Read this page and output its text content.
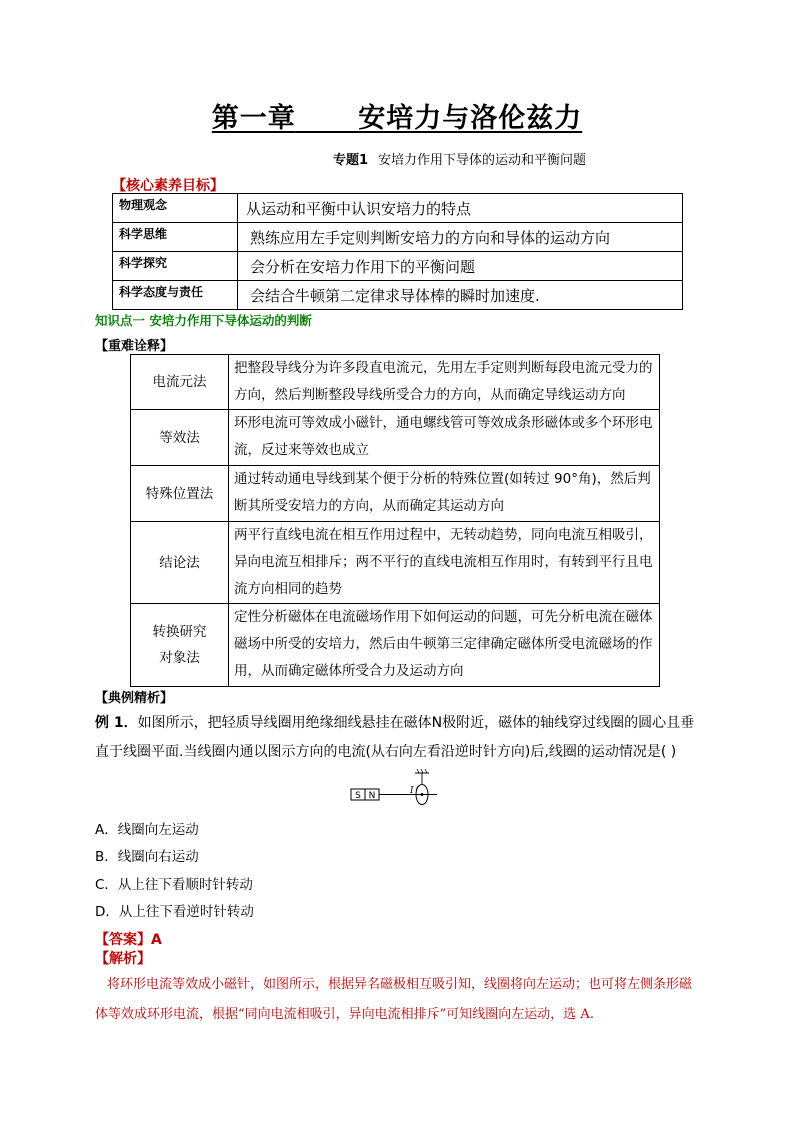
第一章 安培力与洛伦兹力
专题1 安培力作用下导体的运动和平衡问题
【核心素养目标】
物理观念	从运动和平衡中认识安培力的特点
科学思维	熟练应用左手定则判断安培力的方向和导体的运动方向
科学探究	会分析在安培力作用下的平衡问题
科学态度与责任	会结合牛顿第二定律求导体棒的瞬时加速度.
知识点一 安培力作用下导体运动的判断
【重难诠释】
电流元法	把整段导线分为许多段直电流元，先用左手定则判断每段电流元受力的方向，然后判断整段导线所受合力的方向，从而确定导线运动方向
等效法	环形电流可等效成小磁针，通电螺线管可等效成条形磁体或多个环形电流，反过来等效也成立
特殊位置法	通过转动通电导线到某个便于分析的特殊位置(如转过 90°角)，然后判断其所受安培力的方向，从而确定其运动方向
结论法	两平行直线电流在相互作用过程中，无转动趋势，同向电流互相吸引，异向电流互相排斥；两不平行的直线电流相互作用时，有转到平行且电流方向相同的趋势

转换研究
对象法	定性分析磁体在电流磁场作用下如何运动的问题，可先分析电流在磁体磁场中所受的安培力，然后由牛顿第三定律确定磁体所受电流磁场的作用，从而确定磁体所受合力及运动方向
【典例精析】
例 1．如图所示，把轻质导线圈用绝缘细线悬挂在磁体N极附近，磁体的轴线穿过线圈的圆心且垂直于线圈平面.当线圈内通以图示方向的电流(从右向左看沿逆时针方向)后,线圈的运动情况是( )
S N	I
A．线圈向左运动
B．线圈向右运动
C．从上往下看顺时针转动
D．从上往下看逆时针转动
【答案】A
【解析】
将环形电流等效成小磁针，如图所示，根据异名磁极相互吸引知，线圈将向左运动；也可将左侧条形磁体等效成环形电流，根据“同向电流相吸引，异向电流相排斥”可知线圈向左运动，选 A.
